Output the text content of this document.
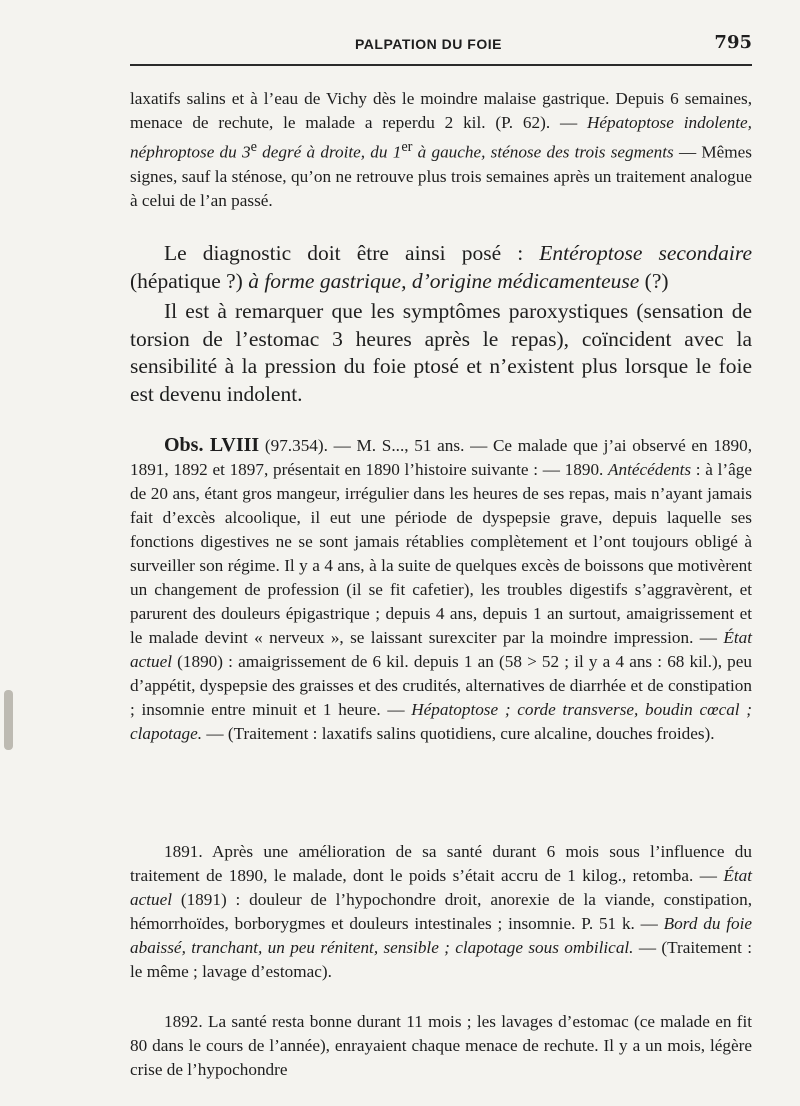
PALPATION DU FOIE	795

laxatifs salins et à l’eau de Vichy dès le moindre malaise gastrique. Depuis 6 semaines, menace de rechute, le malade a reperdu 2 kil. (P. 62). — Hépatoptose indolente, néphroptose du 3e degré à droite, du 1er à gauche, sténose des trois segments — Mêmes signes, sauf la sténose, qu’on ne retrouve plus trois semaines après un traitement analogue à celui de l’an passé.

Le diagnostic doit être ainsi posé : Entéroptose secondaire (hépatique ?) à forme gastrique, d’origine médicamenteuse (?)

Il est à remarquer que les symptômes paroxystiques (sensation de torsion de l’estomac 3 heures après le repas), coïncident avec la sensibilité à la pression du foie ptosé et n’existent plus lorsque le foie est devenu indolent.

Obs. LVIII (97.354). — M. S..., 51 ans. — Ce malade que j’ai observé en 1890, 1891, 1892 et 1897, présentait en 1890 l’histoire suivante : — 1890. Antécédents : à l’âge de 20 ans, étant gros mangeur, irrégulier dans les heures de ses repas, mais n’ayant jamais fait d’excès alcoolique, il eut une période de dyspepsie grave, depuis laquelle ses fonctions digestives ne se sont jamais rétablies complètement et l’ont toujours obligé à surveiller son régime. Il y a 4 ans, à la suite de quelques excès de boissons que motivèrent un changement de profession (il se fit cafetier), les troubles digestifs s’aggravèrent, et parurent des douleurs épigastrique ; depuis 4 ans, depuis 1 an surtout, amaigrissement et le malade devint « nerveux », se laissant surexciter par la moindre impression. — État actuel (1890) : amaigrissement de 6 kil. depuis 1 an (58 > 52 ; il y a 4 ans : 68 kil.), peu d’appétit, dyspepsie des graisses et des crudités, alternatives de diarrhée et de constipation ; insomnie entre minuit et 1 heure. — Hépatoptose ; corde transverse, boudin cœcal ; clapotage. — (Traitement : laxatifs salins quotidiens, cure alcaline, douches froides).

1891. Après une amélioration de sa santé durant 6 mois sous l’influence du traitement de 1890, le malade, dont le poids s’était accru de 1 kilog., retomba. — État actuel (1891) : douleur de l’hypochondre droit, anorexie de la viande, constipation, hémorrhoïdes, borborygmes et douleurs intestinales ; insomnie. P. 51 k. — Bord du foie abaissé, tranchant, un peu rénitent, sensible ; clapotage sous ombilical. — (Traitement : le même ; lavage d’estomac).

1892. La santé resta bonne durant 11 mois ; les lavages d’estomac (ce malade en fit 80 dans le cours de l’année), enrayaient chaque menace de rechute. Il y a un mois, légère crise de l’hypochondre
